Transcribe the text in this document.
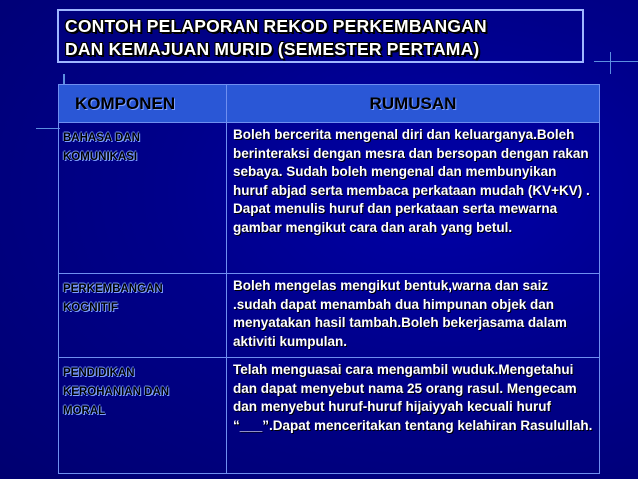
CONTOH PELAPORAN REKOD PERKEMBANGAN
DAN KEMAJUAN MURID (SEMESTER PERTAMA)
KOMPONEN	RUMUSAN

BAHASA DAN
KOMUNIKASI	Boleh bercerita mengenal diri dan keluarganya.Boleh berinteraksi dengan mesra dan bersopan dengan rakan sebaya. Sudah boleh mengenal dan membunyikan huruf abjad serta membaca perkataan mudah (KV+KV) . Dapat menulis huruf dan perkataan serta mewarna gambar mengikut cara dan arah yang betul.

PERKEMBANGAN
KOGNITIF	Boleh mengelas mengikut bentuk,warna dan saiz .sudah dapat menambah dua himpunan objek dan menyatakan hasil tambah.Boleh bekerjasama dalam aktiviti kumpulan.

PENDIDIKAN
KEROHANIAN DAN
MORAL	Telah menguasai cara mengambil wuduk.Mengetahui dan dapat menyebut nama 25 orang rasul. Mengecam dan menyebut huruf-huruf hijaiyyah kecuali huruf “___”.Dapat menceritakan tentang kelahiran Rasulullah.
